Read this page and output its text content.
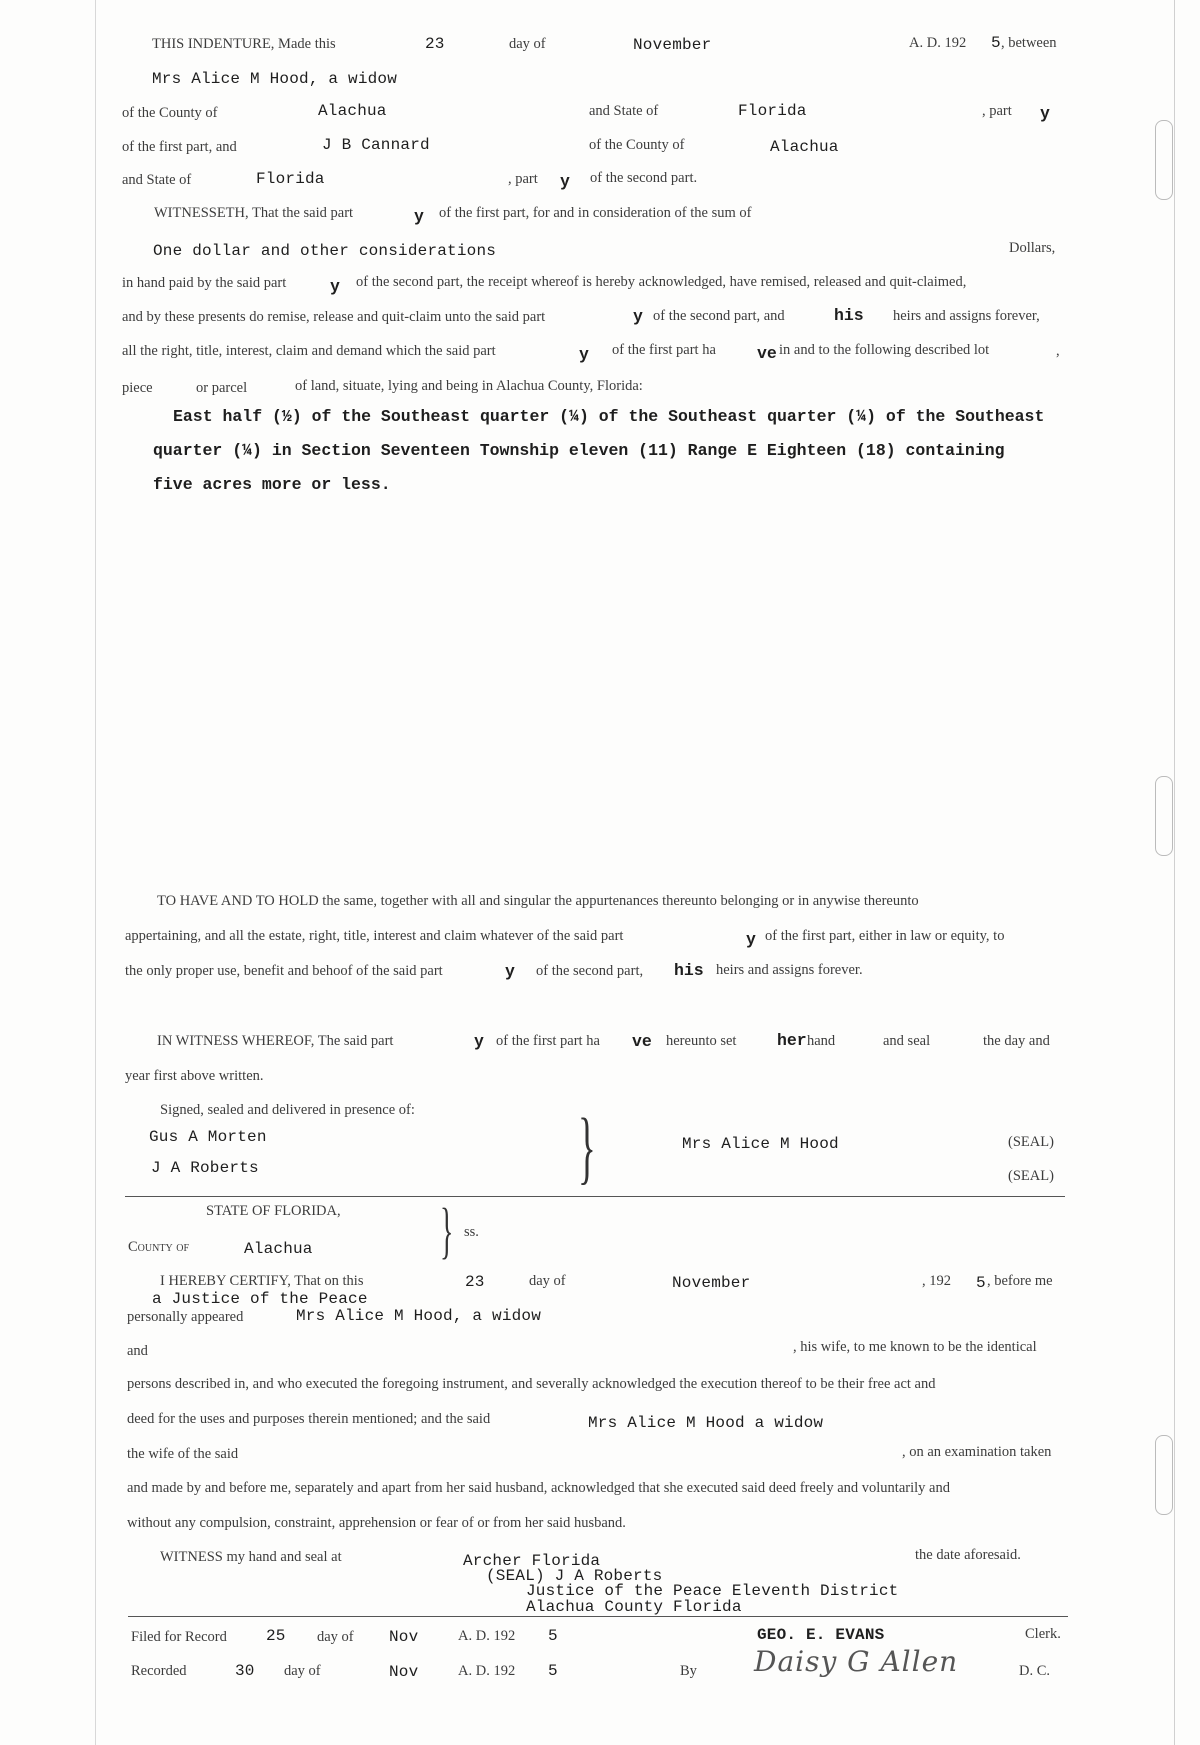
THIS INDENTURE, Made this	23	day of	November	A. D. 192 5 , between
Mrs Alice M Hood, a widow
of the County of	Alachua	and State of	Florida	, part y
of the first part, and	J B Cannard	of the County of	Alachua
and State of	Florida	, part y of the second part.
WITNESSETH, That the said part	y of the first part, for and in consideration of the sum of
One dollar and other considerations	Dollars,
in hand paid by the said part	y of the second part, the receipt whereof is hereby acknowledged, have remised, released and quit-claimed,
and by these presents do remise, release and quit-claim unto the said part	y of the second part, and	his heirs and assigns forever,
all the right, title, interest, claim and demand which the said part	y of the first part ha ve in and to the following described lot	,
piece	or parcel	of land, situate, lying and being in Alachua County, Florida:
East half (½) of the Southeast quarter (¼) of the Southeast quarter (¼) of the Southeast
quarter (¼) in Section Seventeen Township eleven (11) Range E Eighteen (18) containing
five acres more or less.
TO HAVE AND TO HOLD the same, together with all and singular the appurtenances thereunto belonging or in anywise thereunto
appertaining, and all the estate, right, title, interest and claim whatever of the said part	y of the first part, either in law or equity, to
the only proper use, benefit and behoof of the said part	y of the second part, his heirs and assigns forever.
IN WITNESS WHEREOF, The said part	y of the first part ha ve hereunto set her hand	and seal	the day and
year first above written.
Signed, sealed and delivered in presence of:
Gus A Morten
J A Roberts	}	Mrs Alice M Hood	(SEAL)
(SEAL)
STATE OF FLORIDA,
County of	Alachua } ss.
I HEREBY CERTIFY, That on this	23	day of	November	, 192 5 , before me
a Justice of the Peace
personally appeared	Mrs Alice M Hood, a widow
and	, his wife, to me known to be the identical
persons described in, and who executed the foregoing instrument, and severally acknowledged the execution thereof to be their free act and
deed for the uses and purposes therein mentioned; and the said	Mrs Alice M Hood a widow
the wife of the said	, on an examination taken
and made by and before me, separately and apart from her said husband, acknowledged that she executed said deed freely and voluntarily and
without any compulsion, constraint, apprehension or fear of or from her said husband.
WITNESS my hand and seal at	Archer Florida	the date aforesaid.
(SEAL) J A Roberts
Justice of the Peace Eleventh District
Alachua County Florida
Filed for Record 25 day of Nov	A. D. 192 5	GEO. E. EVANS	Clerk.
Recorded	30 day of	Nov	A. D. 192 5	By Daisy G Allen	D. C.
